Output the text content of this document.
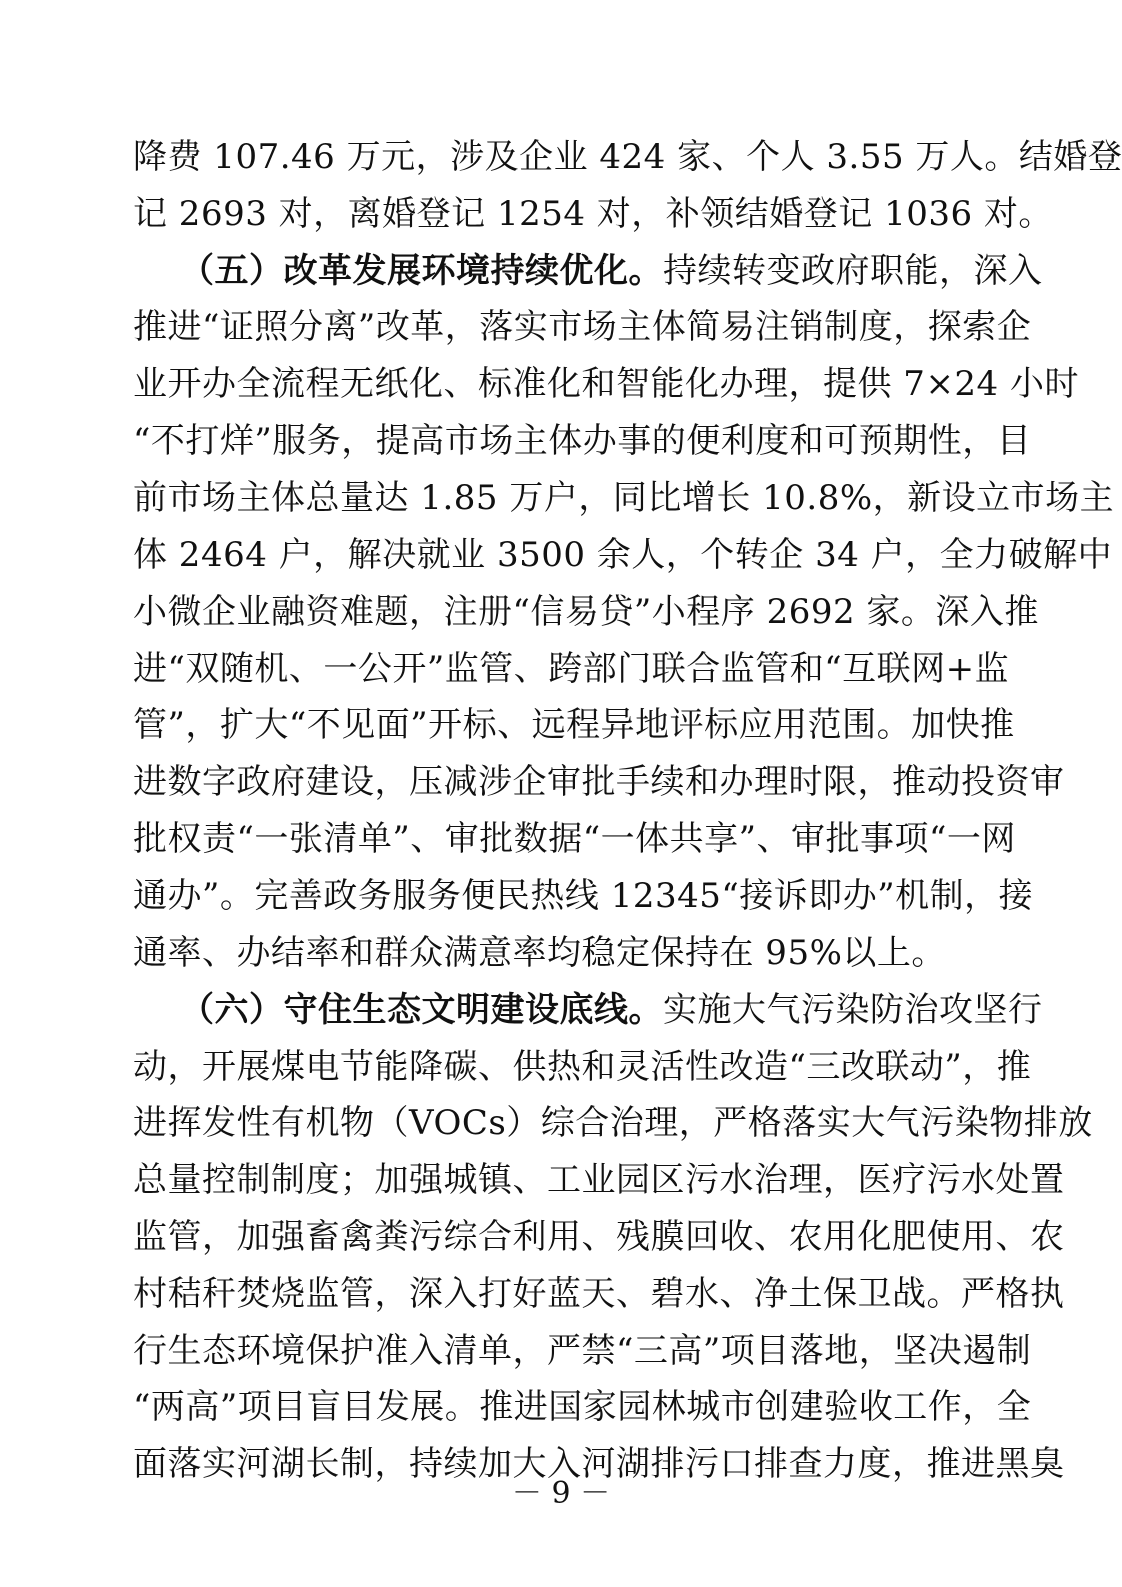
降费 107.46 万元，涉及企业 424 家、个人 3.55 万人。结婚登
记 2693 对，离婚登记 1254 对，补领结婚登记 1036 对。
（五）改革发展环境持续优化。持续转变政府职能，深入
推进“证照分离”改革，落实市场主体简易注销制度，探索企
业开办全流程无纸化、标准化和智能化办理，提供 7×24 小时
“不打烊”服务，提高市场主体办事的便利度和可预期性，目
前市场主体总量达 1.85 万户，同比增长 10.8%，新设立市场主
体 2464 户，解决就业 3500 余人，个转企 34 户，全力破解中
小微企业融资难题，注册“信易贷”小程序 2692 家。深入推
进“双随机、一公开”监管、跨部门联合监管和“互联网+监
管”，扩大“不见面”开标、远程异地评标应用范围。加快推
进数字政府建设，压减涉企审批手续和办理时限，推动投资审
批权责“一张清单”、审批数据“一体共享”、审批事项“一网
通办”。完善政务服务便民热线 12345“接诉即办”机制，接
通率、办结率和群众满意率均稳定保持在 95%以上。
（六）守住生态文明建设底线。实施大气污染防治攻坚行
动，开展煤电节能降碳、供热和灵活性改造“三改联动”，推
进挥发性有机物（VOCs）综合治理，严格落实大气污染物排放
总量控制制度；加强城镇、工业园区污水治理，医疗污水处置
监管，加强畜禽粪污综合利用、残膜回收、农用化肥使用、农
村秸秆焚烧监管，深入打好蓝天、碧水、净土保卫战。严格执
行生态环境保护准入清单，严禁“三高”项目落地，坚决遏制
“两高”项目盲目发展。推进国家园林城市创建验收工作，全
面落实河湖长制，持续加大入河湖排污口排查力度，推进黑臭
－ 9 －
